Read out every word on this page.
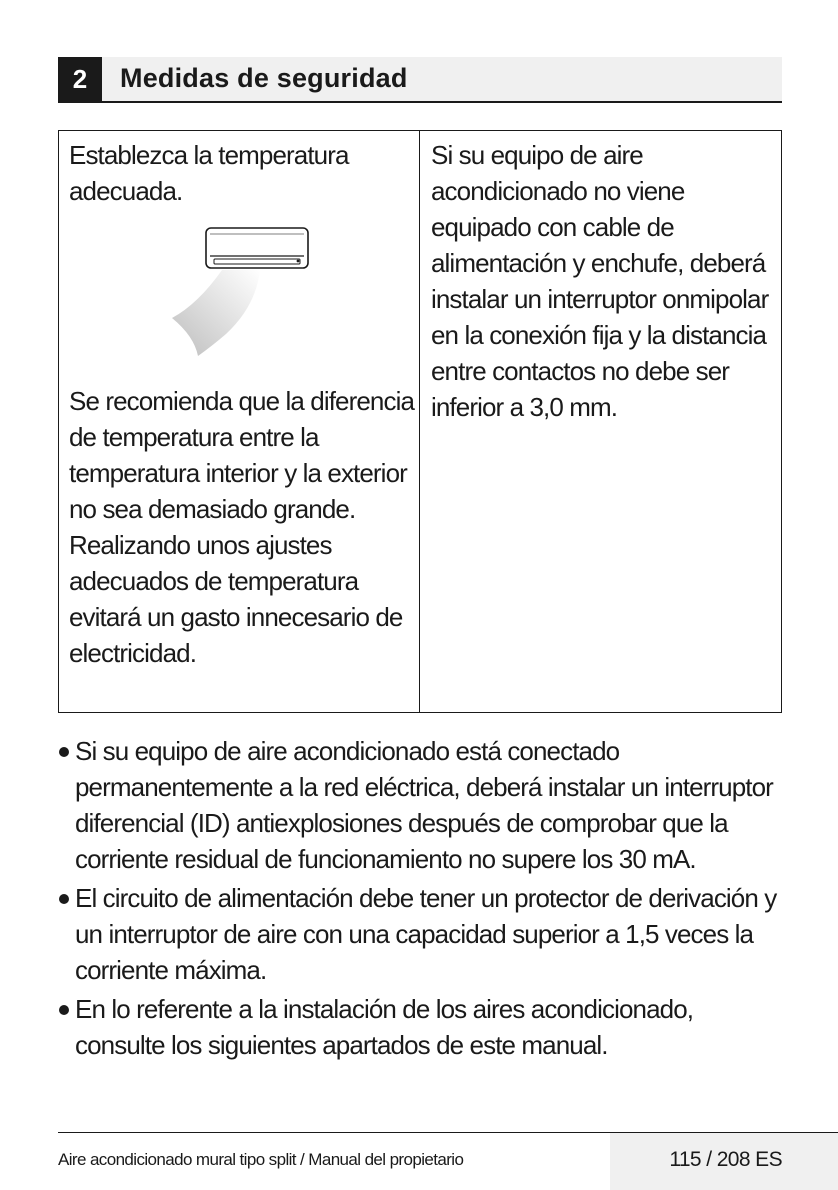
2	Medidas de seguridad
Establezca la temperatura adecuada.

Se recomienda que la diferencia de temperatura entre la temperatura interior y la exterior no sea demasiado grande.

Realizando unos ajustes adecuados de temperatura evitará un gasto innecesario de electricidad.

Si su equipo de aire acondicionado no viene equipado con cable de alimentación y enchufe, deberá instalar un interruptor onmipolar en la conexión fija y la distancia entre contactos no debe ser inferior a 3,0 mm.
Si su equipo de aire acondicionado está conectado permanentemente a la red eléctrica, deberá instalar un interruptor diferencial (ID) antiexplosiones después de comprobar que la corriente residual de funcionamiento no supere los 30 mA.
El circuito de alimentación debe tener un protector de derivación y un interruptor de aire con una capacidad superior a 1,5 veces la corriente máxima.
En lo referente a la instalación de los aires acondicionado, consulte los siguientes apartados de este manual.
Aire acondicionado mural tipo split / Manual del propietario	115 / 208 ES
